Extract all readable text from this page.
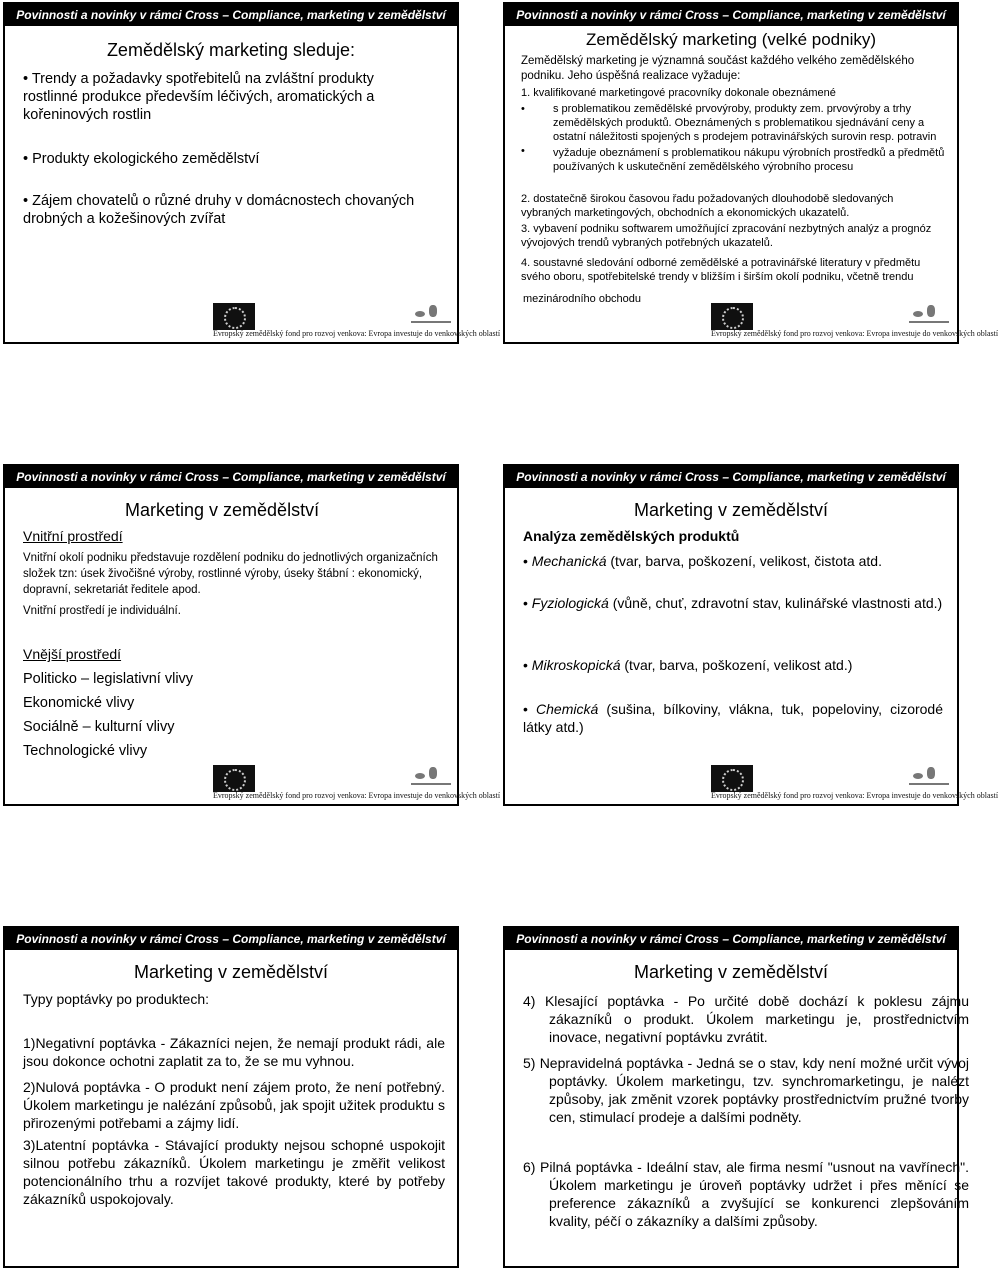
Povinnosti a novinky v rámci Cross – Compliance, marketing v zemědělství
Zemědělský marketing sleduje:
• Trendy a požadavky spotřebitelů na zvláštní produkty rostlinné produkce především léčivých, aromatických a kořeninových rostlin
• Produkty ekologického zemědělství
• Zájem chovatelů o různé druhy v domácnostech chovaných drobných a kožešinových zvířat
Evropský zemědělský fond pro rozvoj venkova: Evropa investuje do venkovských oblastí
Povinnosti a novinky v rámci Cross – Compliance, marketing v zemědělství
Zemědělský marketing (velké podniky)
Zemědělský marketing je významná součást každého velkého zemědělského podniku. Jeho úspěšná realizace vyžaduje:
1. kvalifikované marketingové pracovníky dokonale obeznámené
•	s problematikou zemědělské prvovýroby, produkty zem. prvovýroby a trhy zemědělských produktů. Obeznámených s problematikou sjednávání ceny a ostatní náležitosti spojených s prodejem potravinářských surovin resp. potravin
•	vyžaduje obeznámení s problematikou nákupu výrobních prostředků a předmětů používaných k uskutečnění zemědělského výrobního procesu
2. dostatečně širokou časovou řadu požadovaných dlouhodobě sledovaných vybraných marketingových, obchodních a ekonomických ukazatelů.
3. vybavení podniku softwarem umožňující zpracování nezbytných analýz a prognóz vývojových trendů vybraných potřebných ukazatelů.
4. soustavné sledování odborné zemědělské a potravinářské literatury v předmětu svého oboru, spotřebitelské trendy v bližším i širším okolí podniku, včetně trendu
mezinárodního obchodu
Evropský zemědělský fond pro rozvoj venkova: Evropa investuje do venkovských oblastí
Povinnosti a novinky v rámci Cross – Compliance, marketing v zemědělství
Marketing v zemědělství
Vnitřní prostředí
Vnitřní okolí podniku představuje rozdělení podniku do jednotlivých organizačních složek tzn: úsek živočišné výroby, rostlinné výroby, úseky štábní : ekonomický, dopravní, sekretariát ředitele apod.
Vnitřní prostředí je individuální.
Vnější prostředí
Politicko – legislativní vlivy
Ekonomické vlivy
Sociálně – kulturní vlivy
Technologické vlivy
Evropský zemědělský fond pro rozvoj venkova: Evropa investuje do venkovských oblastí
Povinnosti a novinky v rámci Cross – Compliance, marketing v zemědělství
Marketing v zemědělství
Analýza zemědělských produktů
• Mechanická (tvar, barva, poškození, velikost, čistota atd.
• Fyziologická (vůně, chuť, zdravotní stav, kulinářské vlastnosti atd.)
• Mikroskopická (tvar, barva, poškození, velikost atd.)
• Chemická (sušina, bílkoviny, vlákna, tuk, popeloviny, cizorodé látky atd.)
Evropský zemědělský fond pro rozvoj venkova: Evropa investuje do venkovských oblastí
Povinnosti a novinky v rámci Cross – Compliance, marketing v zemědělství
Marketing v zemědělství
Typy poptávky po produktech:
1)Negativní poptávka - Zákazníci nejen, že nemají produkt rádi, ale jsou dokonce ochotni zaplatit za to, že se mu vyhnou.
2)Nulová poptávka - O produkt není zájem proto, že není potřebný. Úkolem marketingu je nalézání způsobů, jak spojit užitek produktu s přirozenými potřebami a zájmy lidí.
3)Latentní poptávka - Stávající produkty nejsou schopné uspokojit silnou potřebu zákazníků. Úkolem marketingu je změřit velikost potencionálního trhu a rozvíjet takové produkty, které by potřeby zákazníků uspokojovaly.
Povinnosti a novinky v rámci Cross – Compliance, marketing v zemědělství
Marketing v zemědělství
4) Klesající poptávka - Po určité době dochází k poklesu zájmu zákazníků o produkt. Úkolem marketingu je, prostřednictvím inovace, negativní poptávku zvrátit.
5) Nepravidelná poptávka - Jedná se o stav, kdy není možné určit vývoj poptávky. Úkolem marketingu, tzv. synchromarketingu, je nalézt způsoby, jak změnit vzorek poptávky prostřednictvím pružné tvorby cen, stimulací prodeje a dalšími podněty.
6) Pilná poptávka - Ideální stav, ale firma nesmí "usnout na vavřínech". Úkolem marketingu je úroveň poptávky udržet i přes měnící se preference zákazníků a zvyšující se konkurenci zlepšováním kvality, péčí o zákazníky a dalšími způsoby.
